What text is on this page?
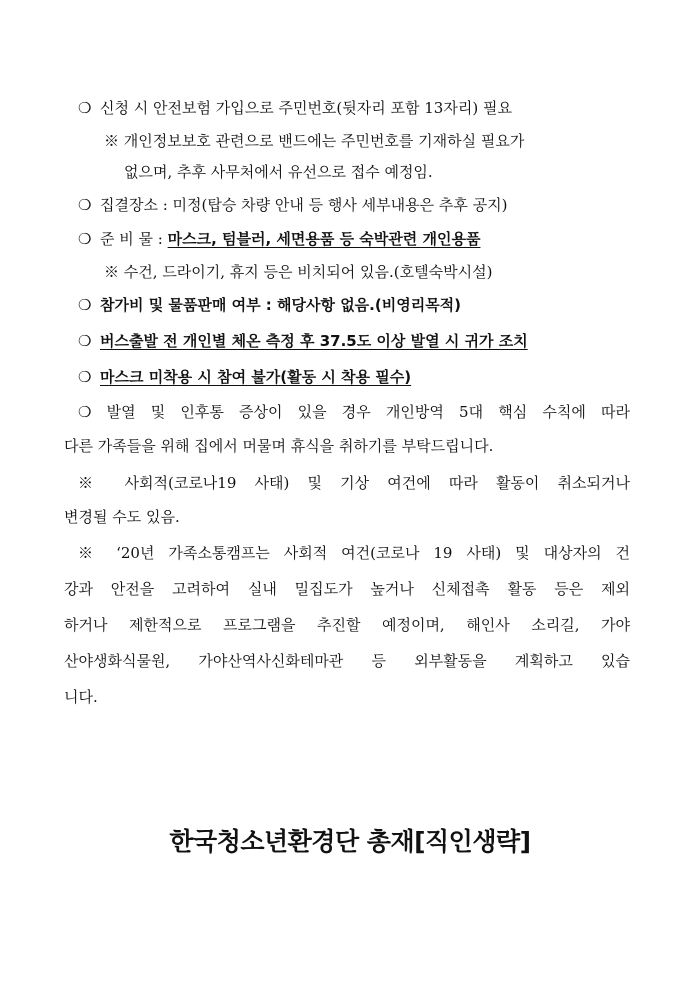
❍ 신청 시 안전보험 가입으로 주민번호(뒷자리 포함 13자리) 필요
※ 개인정보보호 관련으로 밴드에는 주민번호를 기재하실 필요가
없으며, 추후 사무처에서 유선으로 접수 예정임.
❍ 집결장소 : 미정(탑승 차량 안내 등 행사 세부내용은 추후 공지)
❍ 준 비 물 : 마스크, 텀블러, 세면용품 등 숙박관련 개인용품
※ 수건, 드라이기, 휴지 등은 비치되어 있음.(호텔숙박시설)
❍ 참가비 및 물품판매 여부 : 해당사항 없음.(비영리목적)
❍ 버스출발 전 개인별 체온 측정 후 37.5도 이상 발열 시 귀가 조치
❍ 마스크 미착용 시 참여 불가(활동 시 착용 필수)
❍ 발열 및 인후통 증상이 있을 경우 개인방역 5대 핵심 수칙에 따라
다른 가족들을 위해 집에서 머물며 휴식을 취하기를 부탁드립니다.
※ 사회적(코로나19 사태) 및 기상 여건에 따라 활동이 취소되거나
변경될 수도 있음.
※ ‘20년 가족소통캠프는 사회적 여건(코로나 19 사태) 및 대상자의 건
강과 안전을 고려하여 실내 밀집도가 높거나 신체접촉 활동 등은 제외
하거나 제한적으로 프로그램을 추진할 예정이며, 해인사 소리길, 가야
산야생화식물원, 가야산역사신화테마관 등 외부활동을 계획하고 있습
니다.
한국청소년환경단 총재[직인생략]
